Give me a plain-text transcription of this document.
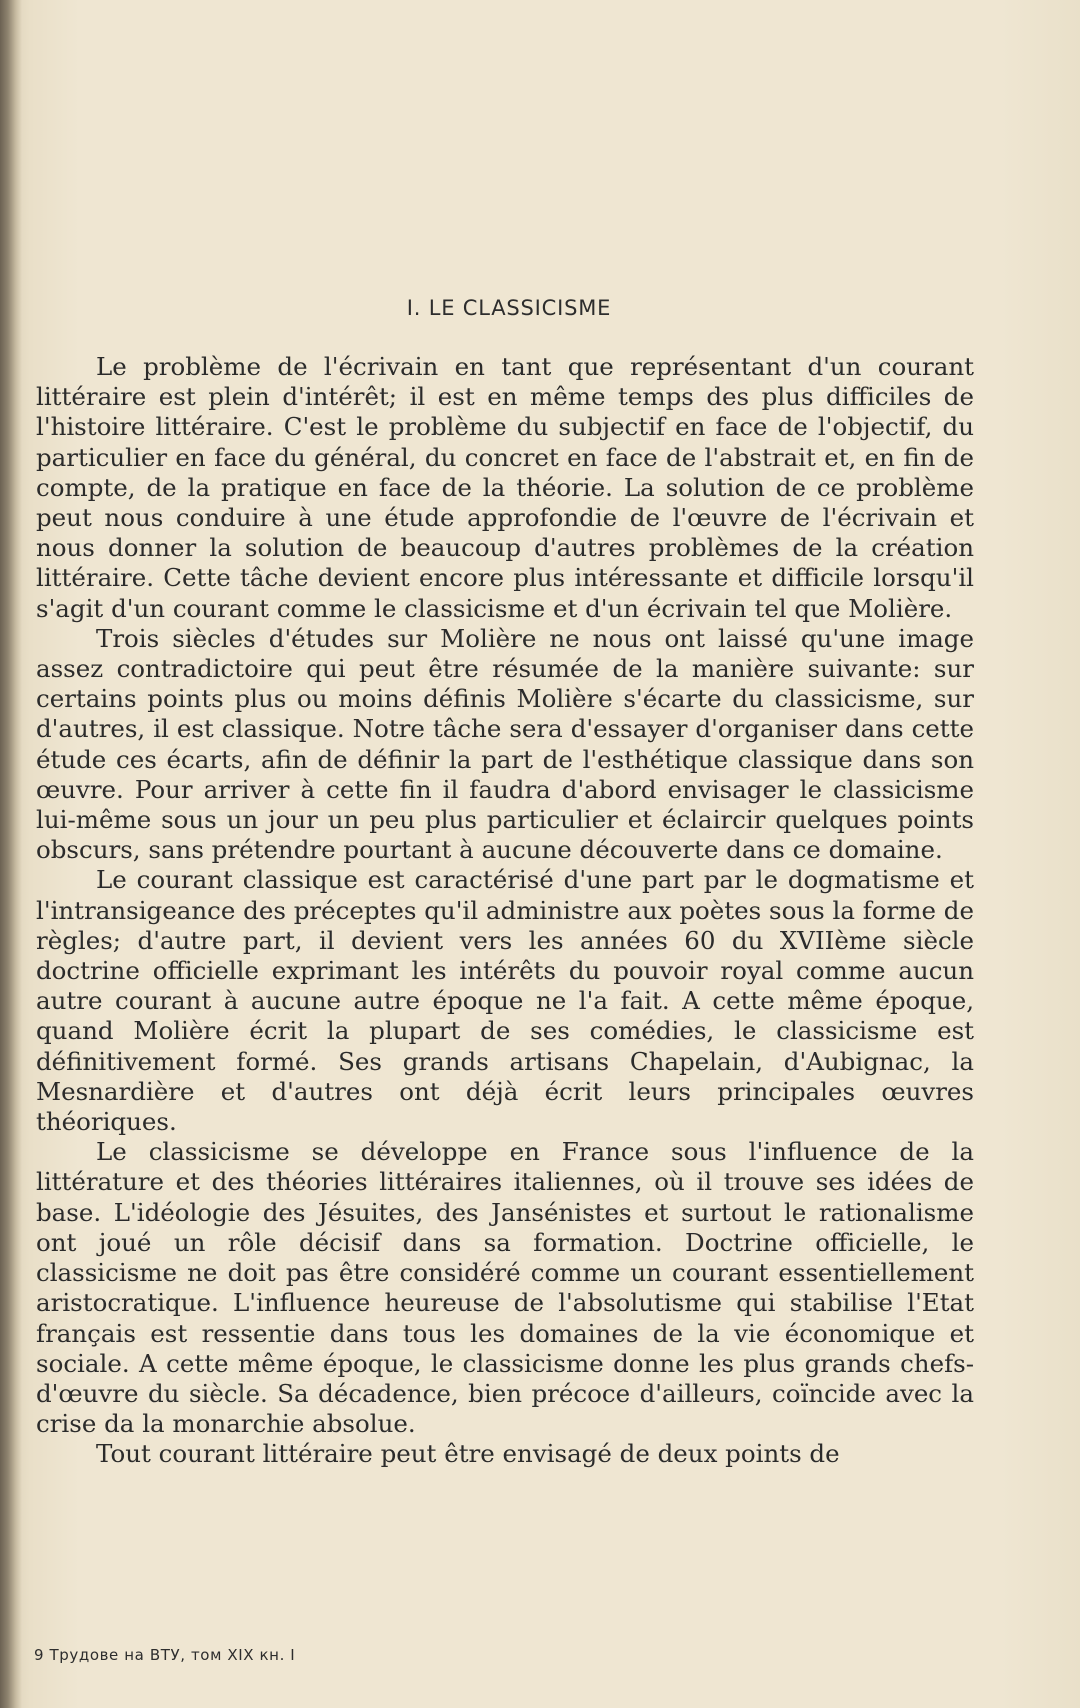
I. LE CLASSICISME

Le problème de l'écrivain en tant que représentant d'un courant littéraire est plein d'intérêt; il est en même temps des plus difficiles de l'histoire littéraire. C'est le problème du subjectif en face de l'objectif, du particulier en face du général, du concret en face de l'abstrait et, en fin de compte, de la pratique en face de la théorie. La solution de ce problème peut nous conduire à une étude approfondie de l'œuvre de l'écrivain et nous donner la solution de beaucoup d'autres problèmes de la création littéraire. Cette tâche devient encore plus intéressante et difficile lorsqu'il s'agit d'un courant comme le classicisme et d'un écrivain tel que Molière.

Trois siècles d'études sur Molière ne nous ont laissé qu'une image assez contradictoire qui peut être résumée de la manière suivante: sur certains points plus ou moins définis Molière s'écarte du classicisme, sur d'autres, il est classique. Notre tâche sera d'essayer d'organiser dans cette étude ces écarts, afin de définir la part de l'esthétique classique dans son œuvre. Pour arriver à cette fin il faudra d'abord envisager le classicisme lui-même sous un jour un peu plus particulier et éclaircir quelques points obscurs, sans prétendre pourtant à aucune découverte dans ce domaine.

Le courant classique est caractérisé d'une part par le dogmatisme et l'intransigeance des préceptes qu'il administre aux poètes sous la forme de règles; d'autre part, il devient vers les années 60 du XVIIème siècle doctrine officielle exprimant les intérêts du pouvoir royal comme aucun autre courant à aucune autre époque ne l'a fait. A cette même époque, quand Molière écrit la plupart de ses comédies, le classicisme est définitivement formé. Ses grands artisans Chapelain, d'Aubignac, la Mesnardière et d'autres ont déjà écrit leurs principales œuvres théoriques.

Le classicisme se développe en France sous l'influence de la littérature et des théories littéraires italiennes, où il trouve ses idées de base. L'idéologie des Jésuites, des Jansénistes et surtout le rationalisme ont joué un rôle décisif dans sa formation. Doctrine officielle, le classicisme ne doit pas être considéré comme un courant essentiellement aristocratique. L'influence heureuse de l'absolutisme qui stabilise l'Etat français est ressentie dans tous les domaines de la vie économique et sociale. A cette même époque, le classicisme donne les plus grands chefs-d'œuvre du siècle. Sa décadence, bien précoce d'ailleurs, coïncide avec la crise da la monarchie absolue.

Tout courant littéraire peut être envisagé de deux points de

9 Трудове на ВТУ, том XIX кн. I
